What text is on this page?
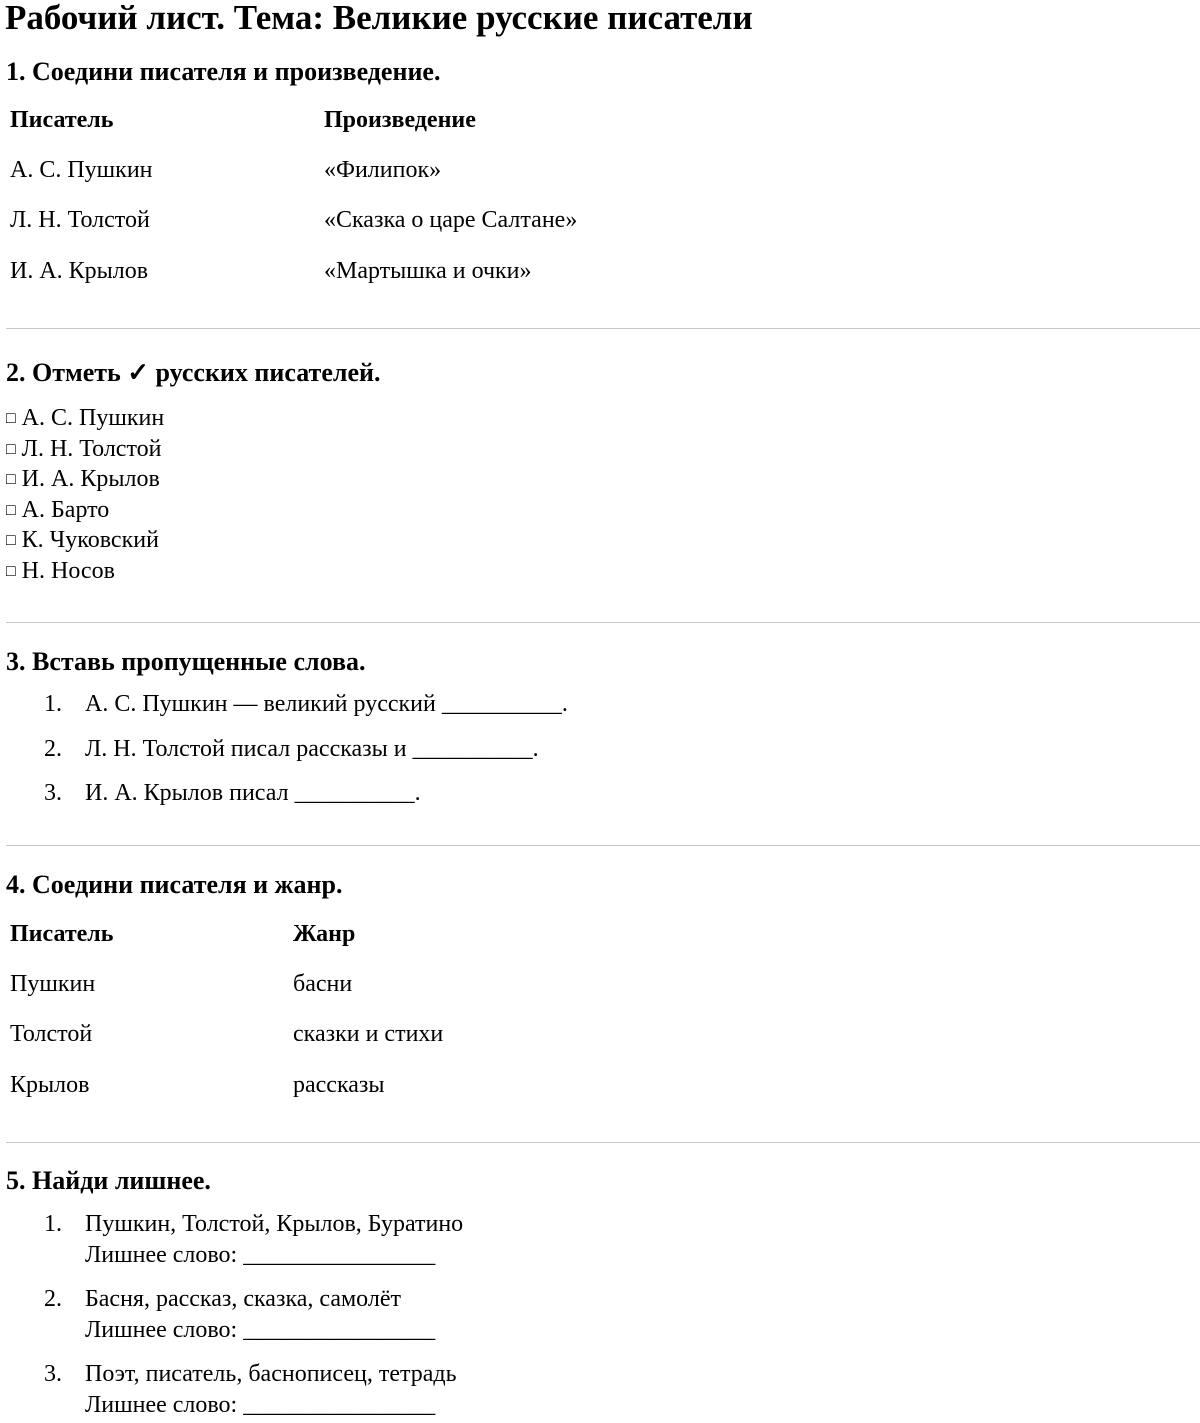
Рабочий лист. Тема: Великие русские писатели
1. Соедини писателя и произведение.
Писатель	Произведение
А. С. Пушкин	«Филипок»
Л. Н. Толстой	«Сказка о царе Салтане»
И. А. Крылов	«Мартышка и очки»
2. Отметь ✓ русских писателей.
□ А. С. Пушкин
□ Л. Н. Толстой
□ И. А. Крылов
□ А. Барто
□ К. Чуковский
□ Н. Носов
3. Вставь пропущенные слова.
1. А. С. Пушкин — великий русский __________.
2. Л. Н. Толстой писал рассказы и __________.
3. И. А. Крылов писал __________.
4. Соедини писателя и жанр.
Писатель	Жанр
Пушкин	басни
Толстой	сказки и стихи
Крылов	рассказы
5. Найди лишнее.
1. Пушкин, Толстой, Крылов, Буратино
Лишнее слово: ________________
2. Басня, рассказ, сказка, самолёт
Лишнее слово: ________________
3. Поэт, писатель, баснописец, тетрадь
Лишнее слово: ________________
